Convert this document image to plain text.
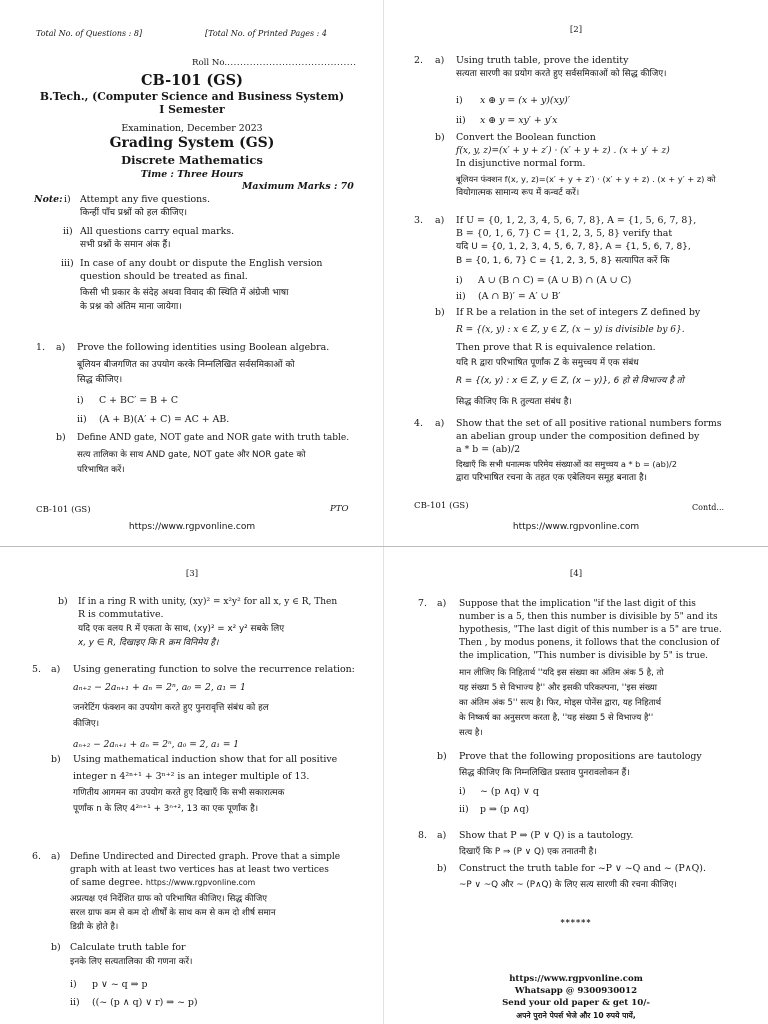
Total No. of Questions : 8]	[Total No. of Printed Pages : 4
Roll No.........................................
CB-101 (GS)
B.Tech., (Computer Science and Business System)
I Semester
Examination, December 2023
Grading System (GS)
Discrete Mathematics
Time : Three Hours
Maximum Marks : 70
Note: i) Attempt any five questions.
किन्हीं पाँच प्रश्नों को हल कीजिए।
ii) All questions carry equal marks.
सभी प्रश्नों के समान अंक हैं।
iii) In case of any doubt or dispute the English version
question should be treated as final.
किसी भी प्रकार के संदेह अथवा विवाद की स्थिति में अंग्रेजी भाषा
के प्रश्न को अंतिम माना जायेगा।
1. a) Prove the following identities using Boolean algebra.
बूलियन बीजगणित का उपयोग करके निम्नलिखित सर्वसमिकाओं को
सिद्ध कीजिए।
i) C + BC′ = B + C
ii) (A + B)(A′ + C) = AC + AB.
b) Define AND gate, NOT gate and NOR gate with truth table.
सत्य तालिका के साथ AND gate, NOT gate और NOR gate को
परिभाषित करें।
CB-101 (GS)	PTO
https://www.rgpvonline.com
[2]
2. a) Using truth table, prove the identity
सत्यता सारणी का प्रयोग करते हुए सर्वसमिकाओं को सिद्ध कीजिए।
i) x ⊕ y = (x + y)(xy)′
ii) x ⊕ y = xy′ + y′x
b) Convert the Boolean function
f(x, y, z)=(x′ + y + z′) · (x′ + y + z) . (x + y′ + z)
In disjunctive normal form.
बूलियन फंक्शन f(x, y, z)=(x′ + y + z′) · (x′ + y + z) . (x + y′ + z) को
वियोगात्मक सामान्य रूप में कन्वर्ट करें।
3. a) If U = {0, 1, 2, 3, 4, 5, 6, 7, 8}, A = {1, 5, 6, 7, 8},
B = {0, 1, 6, 7} C = {1, 2, 3, 5, 8} verify that
यदि U = {0, 1, 2, 3, 4, 5, 6, 7, 8}, A = {1, 5, 6, 7, 8},
B = {0, 1, 6, 7} C = {1, 2, 3, 5, 8} सत्यापित करें कि
i) A ∪ (B ∩ C) = (A ∪ B) ∩ (A ∪ C)
ii) (A ∩ B)′ = A′ ∪ B′
b) If R be a relation in the set of integers Z defined by
R = {(x, y) : x ∈ Z, y ∈ Z, (x − y) is divisible by 6}.
Then prove that R is equivalence relation.
यदि R द्वारा परिभाषित पूर्णांक Z के समुच्चय में एक संबंध
R = {(x, y) : x ∈ Z, y ∈ Z, (x − y)}, 6 हो से विभाज्य है तो
सिद्ध कीजिए कि R तुल्यता संबंध है।
4. a) Show that the set of all positive rational numbers forms
an abelian group under the composition defined by
a * b = (ab)/2
दिखाएँ कि सभी धनात्मक परिमेय संख्याओं का समुच्चय a * b = (ab)/2
द्वारा परिभाषित रचना के तहत एक एबेलियन समूह बनाता है।
CB-101 (GS)	Contd...
https://www.rgpvonline.com
[3]
b) If in a ring R with unity, (xy)² = x²y² for all x, y ∈ R, Then
R is commutative.
यदि एक वलय R में एकता के साथ, (xy)² = x² y² सबके लिए
x, y ∈ R, दिखाइए कि R क्रम विनिमेय है।
5. a) Using generating function to solve the recurrence relation:
aₙ₊₂ − 2aₙ₊₁ + aₙ = 2ⁿ, a₀ = 2, a₁ = 1
जनरेटिंग फंक्शन का उपयोग करते हुए पुनरावृत्ति संबंध को हल
कीजिए।
aₙ₊₂ − 2aₙ₊₁ + aₙ = 2ⁿ, a₀ = 2, a₁ = 1
b) Using mathematical induction show that for all positive
integer n 4²ⁿ⁺¹ + 3ⁿ⁺² is an integer multiple of 13.
गणितीय आगमन का उपयोग करते हुए दिखाएँ कि सभी सकारात्मक
पूर्णांक n के लिए 4²ⁿ⁺¹ + 3ⁿ⁺², 13 का एक पूर्णांक है।
6. a) Define Undirected and Directed graph. Prove that a simple
graph with at least two vertices has at least two vertices
of same degree. https://www.rgpvonline.com
अप्रत्यक्ष एवं निर्देशित ग्राफ को परिभाषित कीजिए। सिद्ध कीजिए
सरल ग्राफ कम से कम दो शीर्षों के साथ कम से कम दो शीर्ष समान
डिग्री के होते है।
b) Calculate truth table for
इनके लिए सत्यतालिका की गणना करें।
i) p ∨ ~ q ⇒ p
ii) ((~ (p ∧ q) ∨ r) ⇒ ~ p)
[4]
7. a) Suppose that the implication "if the last digit of this
number is a 5, then this number is divisible by 5" and its
hypothesis, "The last digit of this number is a 5" are true.
Then , by modus ponens, it follows that the conclusion of
the implication, "This number is divisible by 5" is true.
मान लीजिए कि निहितार्थ ''यदि इस संख्या का अंतिम अंक 5 है, तो
यह संख्या 5 से विभाज्य है'' और इसकी परिकल्पना, ''इस संख्या
का अंतिम अंक 5'' सत्य है। फिर, मोड्स पोनेंस द्वारा, यह निहितार्थ
के निष्कर्ष का अनुसरण करता है, ''यह संख्या 5 से विभाज्य है''
सत्य है।
b) Prove that the following propositions are tautology
सिद्ध कीजिए कि निम्नलिखित प्रस्ताव पुनरावलोकन हैं।
i) ~ (p ∧q) ∨ q
ii) p ⇒ (p ∧q)
8. a) Show that P ⇒ (P ∨ Q) is a tautology.
दिखाएँ कि P ⇒ (P ∨ Q) एक तनातनी है।
b) Construct the truth table for ~P ∨ ~Q and ~ (P∧Q).
~P ∨ ~Q और ~ (P∧Q) के लिए सत्य सारणी की रचना कीजिए।
******
https://www.rgpvonline.com
Whatsapp @ 9300930012
Send your old paper & get 10/-
अपने पुराने पेपर्स भेजे और 10 रुपये पायें,
